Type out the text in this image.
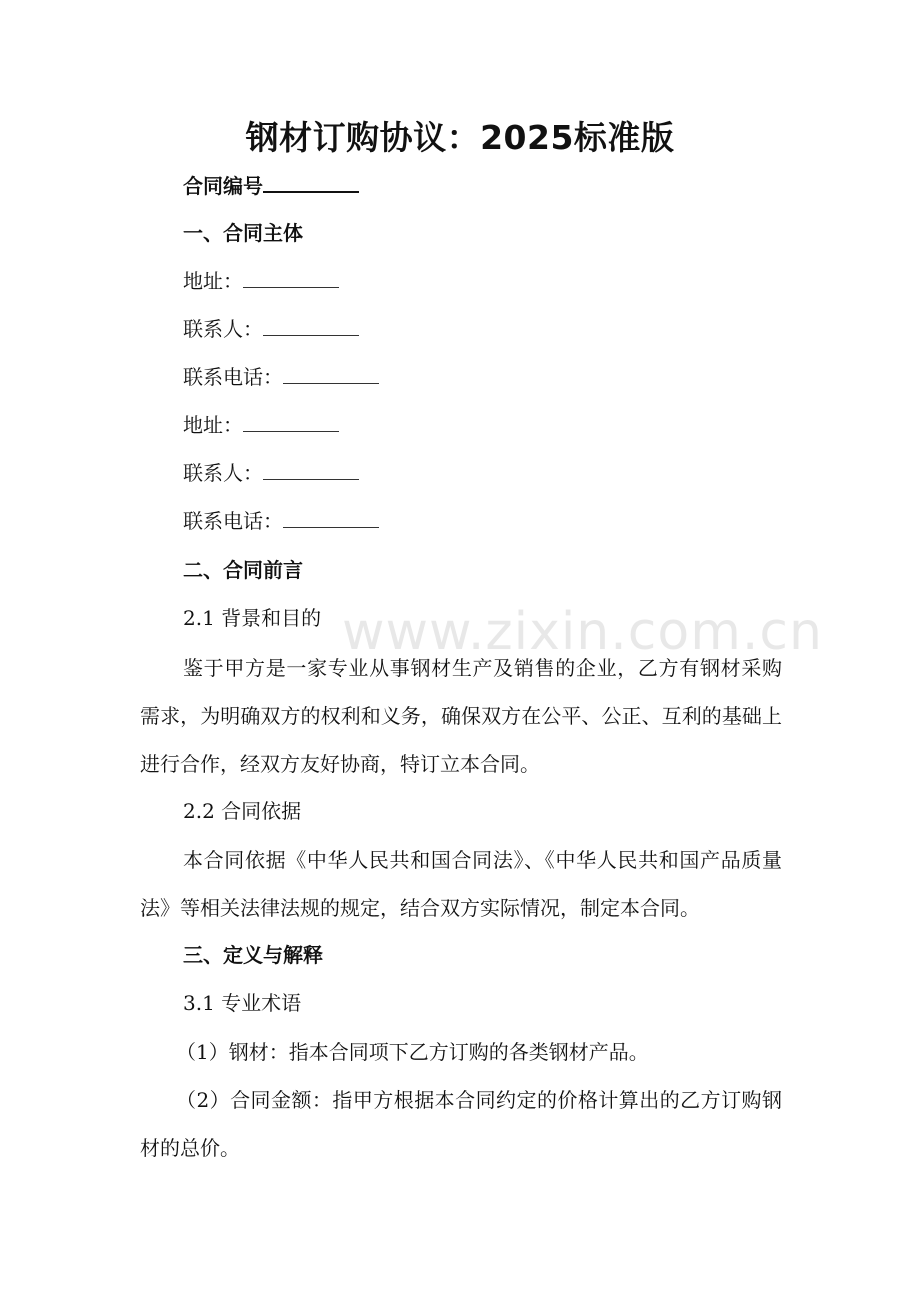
钢材订购协议：2025标准版
合同编号
一、合同主体
地址：
联系人：
联系电话：
地址：
联系人：
联系电话：
二、合同前言
2.1 背景和目的
鉴于甲方是一家专业从事钢材生产及销售的企业，乙方有钢材采购需求，为明确双方的权利和义务，确保双方在公平、公正、互利的基础上进行合作，经双方友好协商，特订立本合同。
2.2 合同依据
本合同依据《中华人民共和国合同法》、《中华人民共和国产品质量法》等相关法律法规的规定，结合双方实际情况，制定本合同。
三、定义与解释
3.1 专业术语
（1）钢材：指本合同项下乙方订购的各类钢材产品。
（2）合同金额：指甲方根据本合同约定的价格计算出的乙方订购钢材的总价。
www.zixin.com.cn
